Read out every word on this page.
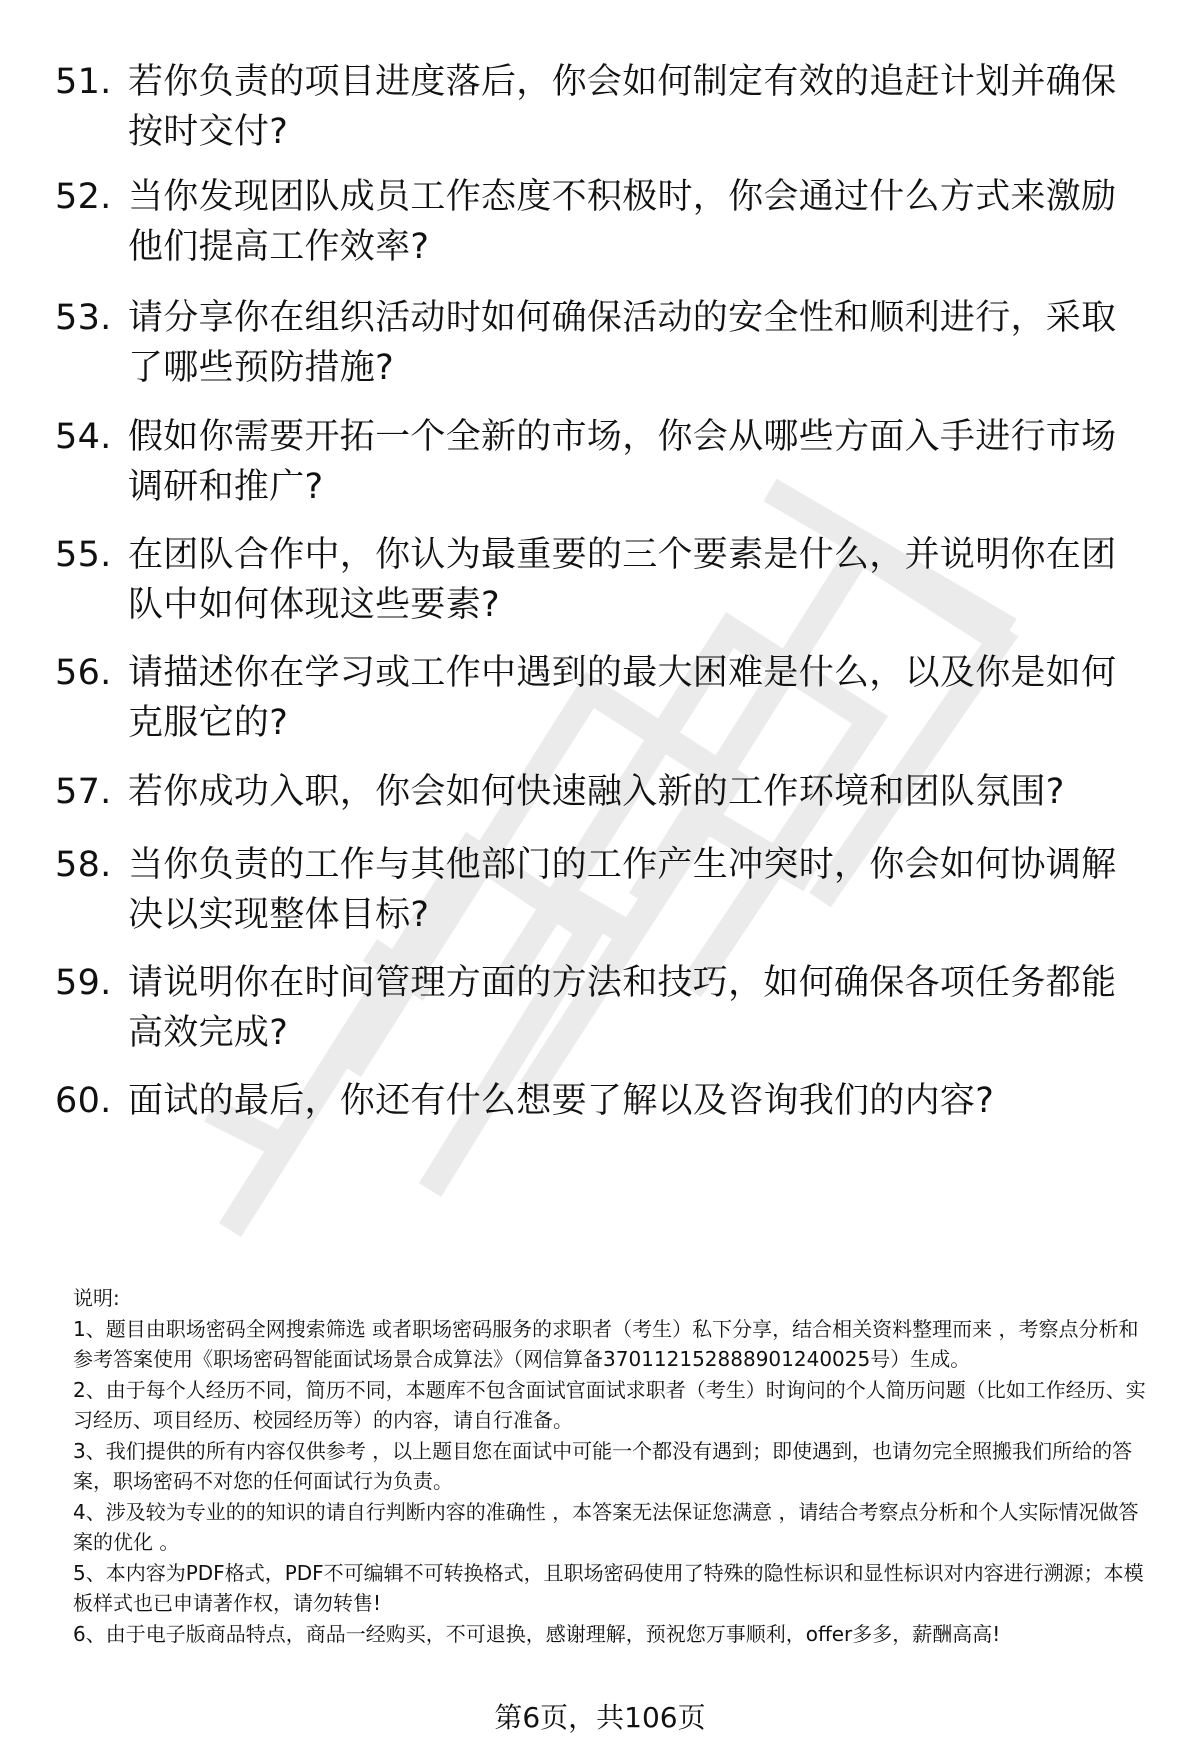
51. 若你负责的项目进度落后，你会如何制定有效的追赶计划并确保按时交付?
52. 当你发现团队成员工作态度不积极时，你会通过什么方式来激励他们提高工作效率?
53. 请分享你在组织活动时如何确保活动的安全性和顺利进行，采取了哪些预防措施?
54. 假如你需要开拓一个全新的市场，你会从哪些方面入手进行市场调研和推广?
55. 在团队合作中，你认为最重要的三个要素是什么，并说明你在团队中如何体现这些要素?
56. 请描述你在学习或工作中遇到的最大困难是什么，以及你是如何克服它的?
57. 若你成功入职，你会如何快速融入新的工作环境和团队氛围?
58. 当你负责的工作与其他部门的工作产生冲突时，你会如何协调解决以实现整体目标?
59. 请说明你在时间管理方面的方法和技巧，如何确保各项任务都能高效完成?
60. 面试的最后，你还有什么想要了解以及咨询我们的内容?

说明:

1、题目由职场密码全网搜索筛选 或者职场密码服务的求职者（考生）私下分享，结合相关资料整理而来 ，考察点分析和参考答案使用《职场密码智能面试场景合成算法》（网信算备370112152888901240025号）生成。

2、由于每个人经历不同，简历不同，本题库不包含面试官面试求职者（考生）时询问的个人简历问题（比如工作经历、实习经历、项目经历、校园经历等）的内容，请自行准备。

3、我们提供的所有内容仅供参考 ，以上题目您在面试中可能一个都没有遇到；即使遇到，也请勿完全照搬我们所给的答案，职场密码不对您的任何面试行为负责。

4、涉及较为专业的的知识的请自行判断内容的准确性 ，本答案无法保证您满意 ，请结合考察点分析和个人实际情况做答案的优化 。

5、本内容为PDF格式，PDF不可编辑不可转换格式，且职场密码使用了特殊的隐性标识和显性标识对内容进行溯源；本模板样式也已申请著作权，请勿转售!

6、由于电子版商品特点，商品一经购买，不可退换，感谢理解，预祝您万事顺利，offer多多，薪酬高高!

第6页，共106页
